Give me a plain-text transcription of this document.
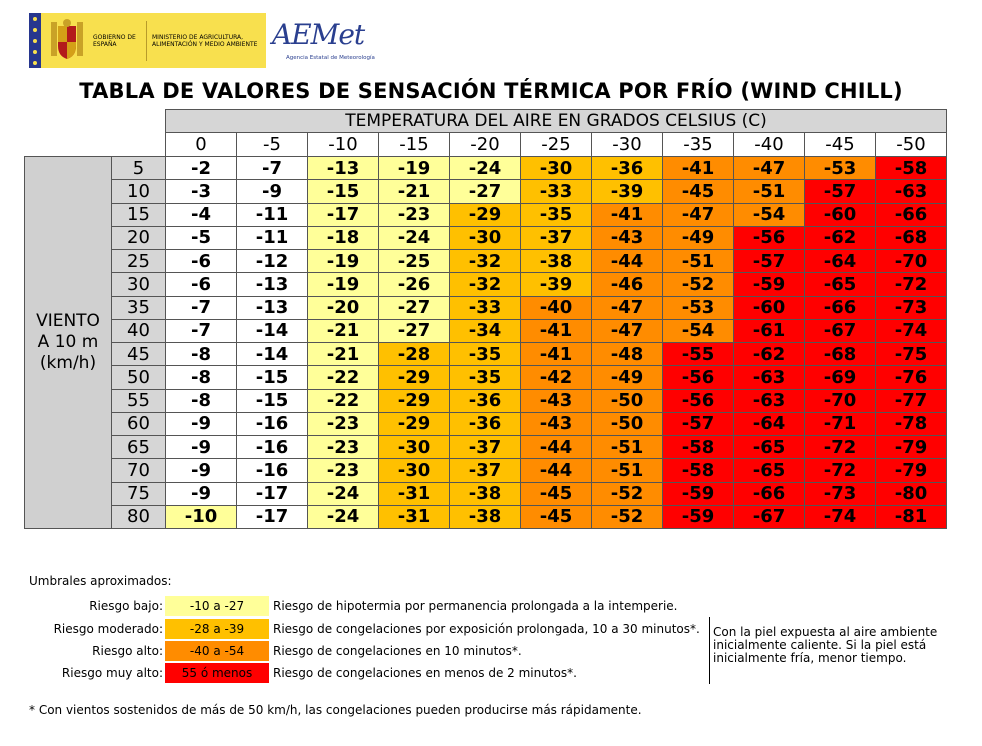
GOBIERNO DE ESPAÑA
MINISTERIO DE AGRICULTURA, ALIMENTACIÓN Y MEDIO AMBIENTE AEMet
Agencia Estatal de Meteorología
TABLA DE VALORES DE SENSACIÓN TÉRMICA POR FRÍO (WIND CHILL)
		TEMPERATURA DEL AIRE EN GRADOS CELSIUS (C)										
		0	-5	-10	-15	-20	-25	-30	-35	-40	-45	-50

VIENTO
A 10 m
(km/h)	5	-2	-7	-13	-19	-24	-30	-36	-41	-47	-53	-58
	10	-3	-9	-15	-21	-27	-33	-39	-45	-51	-57	-63
	15	-4	-11	-17	-23	-29	-35	-41	-47	-54	-60	-66
	20	-5	-11	-18	-24	-30	-37	-43	-49	-56	-62	-68
	25	-6	-12	-19	-25	-32	-38	-44	-51	-57	-64	-70
	30	-6	-13	-19	-26	-32	-39	-46	-52	-59	-65	-72
	35	-7	-13	-20	-27	-33	-40	-47	-53	-60	-66	-73
	40	-7	-14	-21	-27	-34	-41	-47	-54	-61	-67	-74
	45	-8	-14	-21	-28	-35	-41	-48	-55	-62	-68	-75
	50	-8	-15	-22	-29	-35	-42	-49	-56	-63	-69	-76
	55	-8	-15	-22	-29	-36	-43	-50	-56	-63	-70	-77
	60	-9	-16	-23	-29	-36	-43	-50	-57	-64	-71	-78
	65	-9	-16	-23	-30	-37	-44	-51	-58	-65	-72	-79
	70	-9	-16	-23	-30	-37	-44	-51	-58	-65	-72	-79
	75	-9	-17	-24	-31	-38	-45	-52	-59	-66	-73	-80
	80	-10	-17	-24	-31	-38	-45	-52	-59	-67	-74	-81
Umbrales aproximados:
Riesgo bajo:	-10 a -27	Riesgo de hipotermia por permanencia prolongada a la intemperie.
Riesgo moderado:	-28 a -39	Riesgo de congelaciones por exposición prolongada, 10 a 30 minutos*.
Riesgo alto:	-40 a -54	Riesgo de congelaciones en 10 minutos*.
Riesgo muy alto:	55 ó menos	Riesgo de congelaciones en menos de 2 minutos*.
Con la piel expuesta al aire ambiente inicialmente caliente. Si la piel está inicialmente fría, menor tiempo.
* Con vientos sostenidos de más de 50 km/h, las congelaciones pueden producirse más rápidamente.
